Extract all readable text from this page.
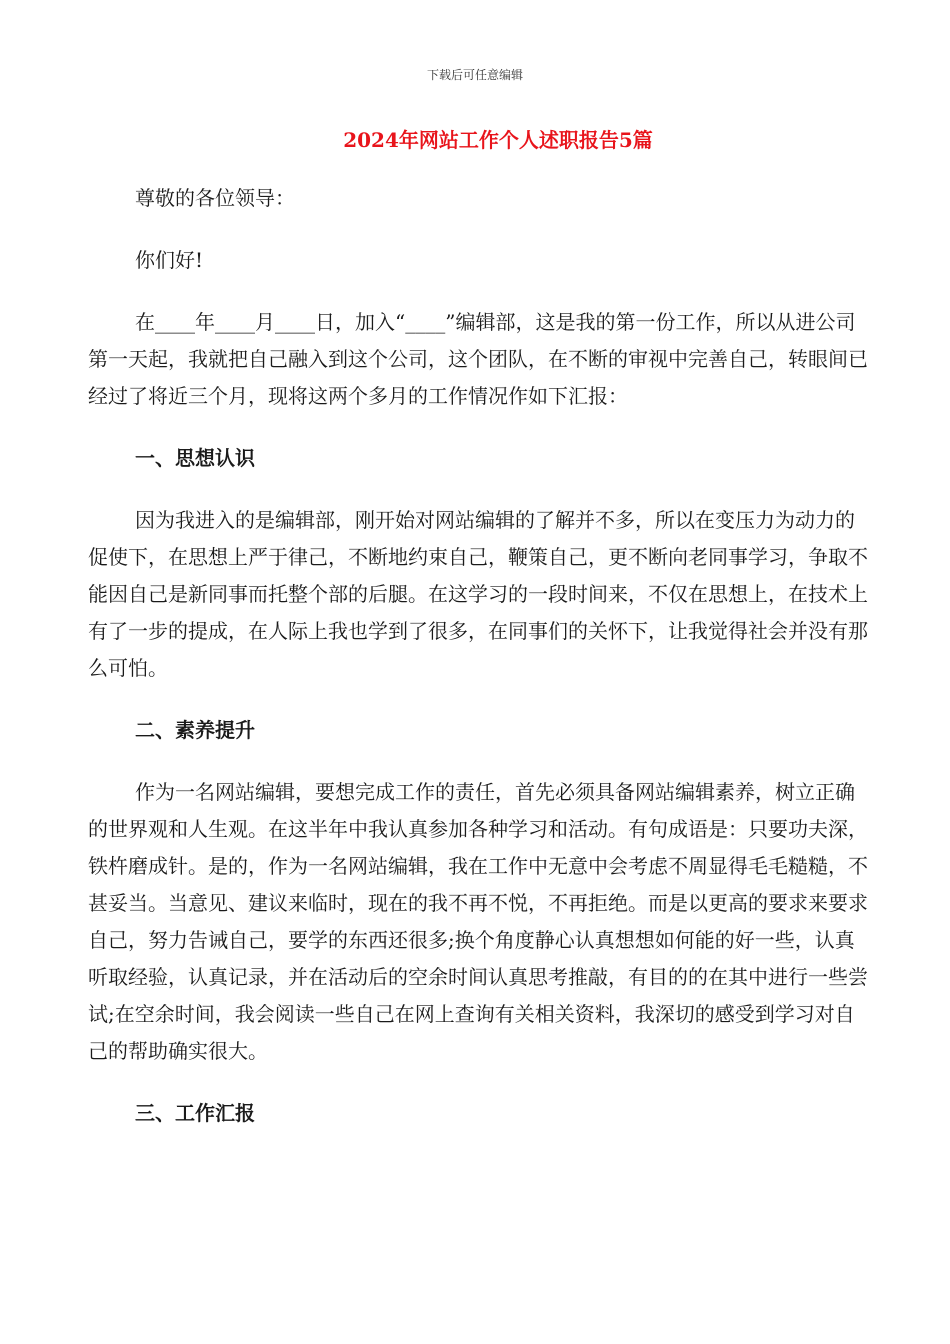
下载后可任意编辑
2024年网站工作个人述职报告5篇

尊敬的各位领导：

你们好!

在____年____月____日，加入“____”编辑部，这是我的第一份工作，所以从进公司第一天起，我就把自己融入到这个公司，这个团队，在不断的审视中完善自己，转眼间已经过了将近三个月，现将这两个多月的工作情况作如下汇报：

一、思想认识

因为我进入的是编辑部，刚开始对网站编辑的了解并不多，所以在变压力为动力的促使下，在思想上严于律己，不断地约束自己，鞭策自己，更不断向老同事学习，争取不能因自己是新同事而托整个部的后腿。在这学习的一段时间来，不仅在思想上，在技术上有了一步的提成，在人际上我也学到了很多，在同事们的关怀下，让我觉得社会并没有那么可怕。

二、素养提升

作为一名网站编辑，要想完成工作的责任，首先必须具备网站编辑素养，树立正确的世界观和人生观。在这半年中我认真参加各种学习和活动。有句成语是：只要功夫深，铁杵磨成针。是的，作为一名网站编辑，我在工作中无意中会考虑不周显得毛毛糙糙，不甚妥当。当意见、建议来临时，现在的我不再不悦，不再拒绝。而是以更高的要求来要求自己，努力告诫自己，要学的东西还很多;换个角度静心认真想想如何能的好一些，认真听取经验，认真记录，并在活动后的空余时间认真思考推敲，有目的的在其中进行一些尝试;在空余时间，我会阅读一些自己在网上查询有关相关资料，我深切的感受到学习对自己的帮助确实很大。

三、工作汇报
